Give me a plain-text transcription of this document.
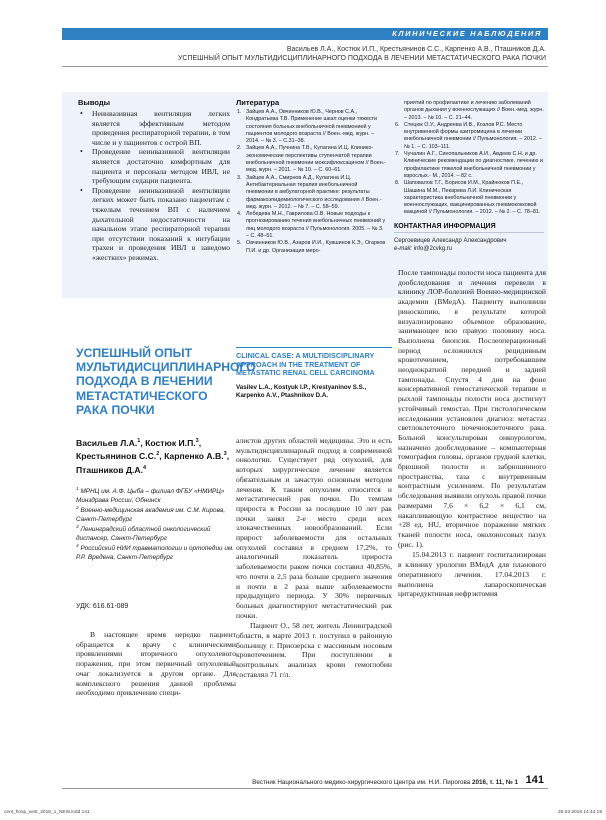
КЛИНИЧЕСКИЕ НАБЛЮДЕНИЯ
Васильев Л.А., Костюк И.П., Крестьянинов С.С., Карпенко А.В., Пташников Д.А.
УСПЕШНЫЙ ОПЫТ МУЛЬТИДИСЦИПЛИНАРНОГО ПОДХОДА В ЛЕЧЕНИИ МЕТАСТАТИЧЕСКОГО РАКА ПОЧКИ
Выводы
• Неинвазивная вентиляция легких является эффективным методом проведения респираторной терапии, в том числе и у пациентов с острой ВП.
• Проведение неинвазивной вентиляции является достаточно комфортным для пациента и персонала методом ИВЛ, не требующим седации пациента.
• Проведение неинвазивной вентиляции легких может быть показано пациентам с тяжелым течением ВП с наличием дыхательной недостаточности на начальном этапе респираторной терапии при отсутствии показаний к интубации трахеи и проведения ИВЛ в заведомо «жестких» режимах.
Литература
1. Зайцев А.А., Овчинников Ю.В., Чернов С.А., Кондратьева Т.В. Применение шкал оценки тяжести состояния больных внебольничной пневмонией у пациентов молодого возраста // Воен.-мед. журн. – 2014. – № 3. – С.31–38.
2. Зайцев А.А., Пучнина Т.В., Кулагина И.Ц. Клинико-экономические перспективы ступенчатой терапии внебольничной пневмонии моксифлоксацином // Воен.-мед. журн. – 2011. – № 10. – С. 60–61.
3. Зайцев А.А., Смирнов А.Д., Кулагина И.Ц. Антибактериальная терапия внебольничной пневмонии в амбулаторной практике: результаты фармакоэпидемиологического исследования // Воен.-мед. журн. – 2012. – № 7. – С. 58–59.
4. Лебедева М.Н., Гаврилова О.В. Новые подходы к прогнозированию течения внебольничных пневмоний у лиц молодого возраста // Пульмонология. 2005. – № 3. – С. 48–51.
5. Овчинников Ю.В., Азаров И.И., Кувшинов К.Э., Огарков П.И. и др. Организация меро-
приятий по профилактике и лечению заболеваний органов дыхания у военнослужащих // Воен.-мед. журн. – 2013. – № 10. – С. 21–44.
6. Стецюк О.У., Андреева И.В., Козлов Р.С. Место внутривенной формы азитромицина в лечении внебольничной пневмонии // Пульмонология. – 2012. – № 1. – С. 103–111.
7. Чучалин А.Г., Синопальников А.И., Авдеев С.Н. и др. Клинические рекомендации по диагностике, лечению и профилактике тяжелой внебольничной пневмонии у взрослых.- М., 2014. – 82 с.
8. Шаповалов Т.Г., Борисов И.М., Крайнюков П.Е., Шашина М.М., Пекарева Л.И. Клиническая характеристика внебольничной пневмонии у военнослужащих, вакцинированных пневмококковой вакциной // Пульмонология. – 2012. – № 2. – С. 78–81.
КОНТАКТНАЯ ИНФОРМАЦИЯ
Сергоевицев Александр Александрович
e-mail: info@2cvkg.ru
УСПЕШНЫЙ ОПЫТ МУЛЬТИДИСЦИПЛИНАРНОГО ПОДХОДА В ЛЕЧЕНИИ МЕТАСТАТИЧЕСКОГО РАКА ПОЧКИ
Васильев Л.А.$^1$, Костюк И.П.$^3$, Крестьянинов С.С.$^2$, Карпенко А.В.$^3$, Пташников Д.А.$^4$
$^1$ МРНЦ им. А.Ф. Цыба – филиал ФГБУ «НМИРЦ» Минздрава России, Обнинск
$^2$ Военно-медицинская академия им. С.М. Кирова, Санкт-Петербург
$^3$ Ленинградский областной онкологический диспансер, Санкт-Петербург
$^4$ Российский НИИ травматологии и ортопедии им. Р.Р. Вредена, Санкт-Петербург
УДК: 616.61-089

В настоящее время нередко пациент обращается к врачу с клиническими проявлениями вторичного опухолевого поражения, при этом первичный опухолевый очаг локализуется в другом органе. Для комплексного решения данной проблемы необходимо привлечение специ-

CLINICAL CASE: A MULTIDISCIPLINARY APPROACH IN THE TREATMENT OF METASTATIC RENAL CELL CARCINOMA
Vasilev L.A., Kostyuk I.P., Krestyaninov S.S., Karpenko A.V., Ptashnikov D.A.

алистов других областей медицины. Это и есть мультидисциплинарный подход в современной онкологии. Существует ряд опухолей, для которых хирургическое лечение является обязательным и зачастую основным методом лечения. К таким опухолям относится и метастатический рак почки. По темпам прироста в России за последние 10 лет рак почки занял 2-е место среди всех злокачественных новообразований. Если прирост заболеваемости для остальных опухолей составил в среднем 17,2%, то аналогичный показатель прироста заболеваемости раком почки составил 40,85%, что почти в 2,5 раза больше среднего значения и почти в 2 раза выше заболеваемости предыдущего периода. У 30% первичных больных диагностируют метастатический рак почки.

Пациент О., 58 лет, житель Ленинградской области, в марте 2013 г. поступил в районную больницу г. Приозерска с массивным носовым кровотечением. При поступлении в контрольных анализах крови гемоглобин составлял 71 г/л.

После тампонады полости носа пациента для дообследования и лечения перевели в клинику ЛОР-болезней Военно-медицинской академии (ВМедА). Пациенту выполнили риноскопию, в результате которой визуализировано объемное образование, занимающее всю правую половину носа. Выполнена биопсия. Послеоперационный период осложнился рецидивным кровотечением, потребовавшим неоднократной передней и задней тампонады. Спустя 4 дня на фоне консервативной гемостатической терапии и рыхлой тампонады полости носа достигнут устойчивый гемостаз. При гистологическом исследовании установлен диагноз: метастаз светлоклеточного почечноклеточного рака. Больной консультирован онкоурологом, назначено дообследование – компьютерная томография головы, органов грудной клетки, брюшной полости и забрюшинного пространства, таза с внутривенным контрастным усилением. По результатам обследования выявили опухоль правой почки размерами 7,6 × 6,2 × 6,1 см, накапливающую контрастное вещество на +28 ед. HU, вторичное поражение мягких тканей полости носа, околоносовых пазух (рис. 1).

15.04.2013 г. пациент госпитализирован в клинику урологии ВМедА для планового оперативного лечения. 17.04.2013 г. выполнена лапароскопическая цитаредуктивная нефрэктомия

Вестник Национального медико-хирургического Центра им. Н.И. Пирогова 2016, т. 11, № 1 141
cent_hosp_vest_2016_1_NEW.indd 141	26.03.2016 14:44:19
